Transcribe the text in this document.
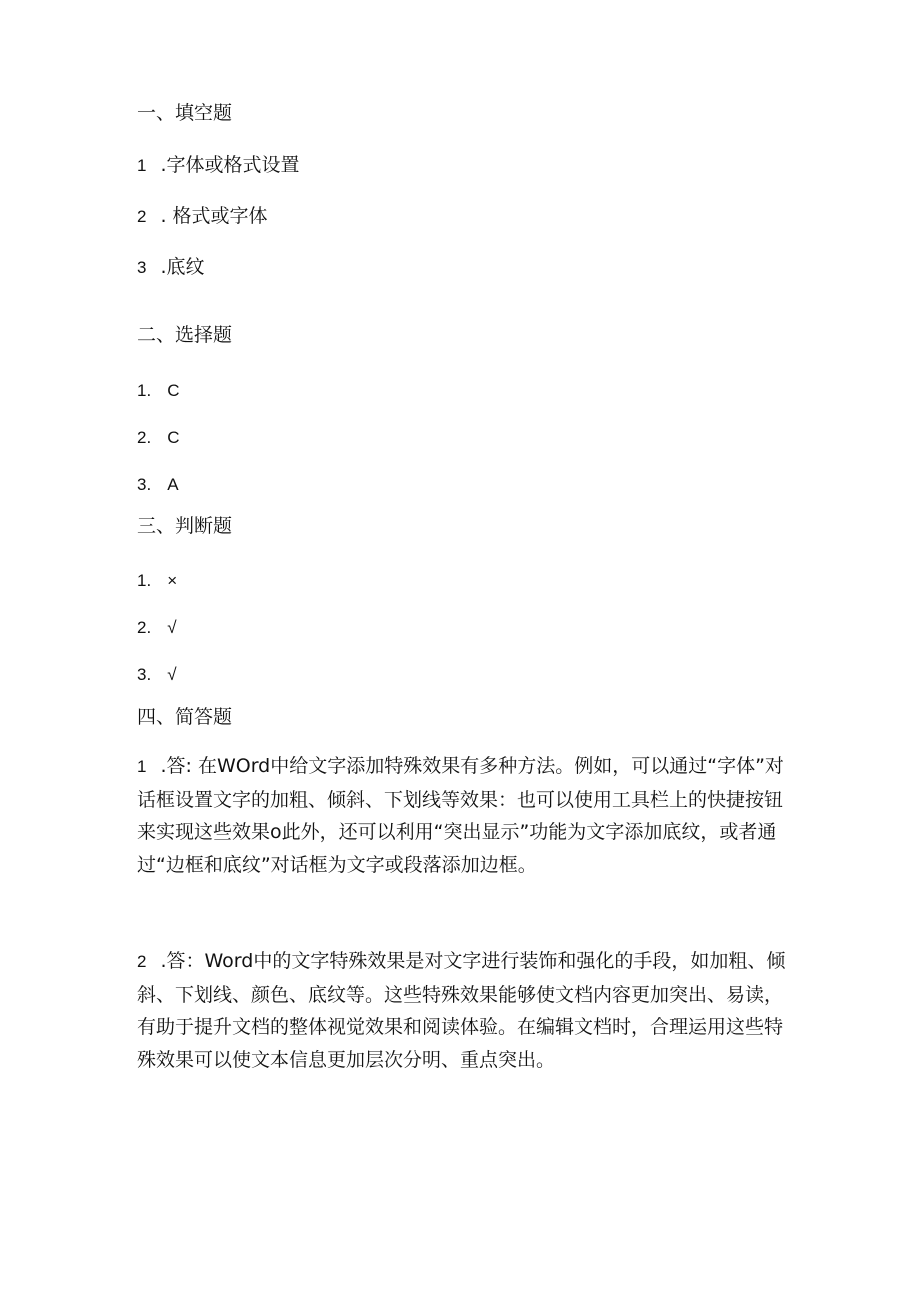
一、填空题
1 .字体或格式设置
2 . 格式或字体
3 .底纹
二、选择题
1. C
2. C
3. A
三、判断题
1. ×
2. √
3. √
四、简答题
1 .答: 在WOrd中给文字添加特殊效果有多种方法。例如，可以通过“字体”对话框设置文字的加粗、倾斜、下划线等效果：也可以使用工具栏上的快捷按钮来实现这些效果o此外，还可以利用“突出显示”功能为文字添加底纹，或者通过“边框和底纹”对话框为文字或段落添加边框。
2 .答：Word中的文字特殊效果是对文字进行装饰和强化的手段，如加粗、倾斜、下划线、颜色、底纹等。这些特殊效果能够使文档内容更加突出、易读，有助于提升文档的整体视觉效果和阅读体验。在编辑文档时，合理运用这些特殊效果可以使文本信息更加层次分明、重点突出。
